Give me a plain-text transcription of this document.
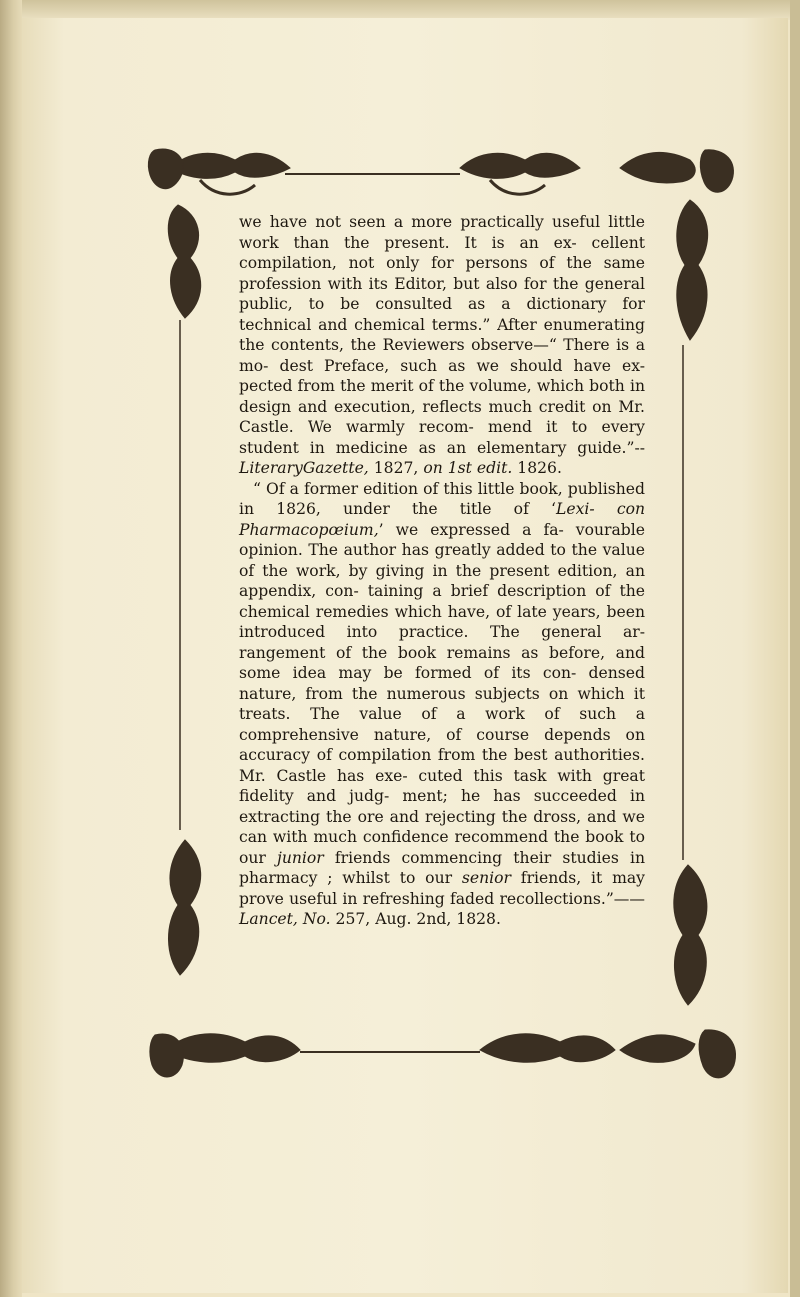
we have not seen a more practically useful little work than the present. It is an ex- cellent compilation, not only for persons of the same profession with its Editor, but also for the general public, to be consulted as a dictionary for technical and chemical terms.” After enumerating the contents, the Reviewers observe—“ There is a mo- dest Preface, such as we should have ex- pected from the merit of the volume, which both in design and execution, reflects much credit on Mr. Castle. We warmly recom- mend it to every student in medicine as an elementary guide.”--LiteraryGazette, 1827, on 1st edit. 1826.

“ Of a former edition of this little book, published in 1826, under the title of ‘Lexi- con Pharmacopœium,’ we expressed a fa- vourable opinion. The author has greatly added to the value of the work, by giving in the present edition, an appendix, con- taining a brief description of the chemical remedies which have, of late years, been introduced into practice. The general ar- rangement of the book remains as before, and some idea may be formed of its con- densed nature, from the numerous subjects on which it treats. The value of a work of such a comprehensive nature, of course depends on accuracy of compilation from the best authorities. Mr. Castle has exe- cuted this task with great fidelity and judg- ment; he has succeeded in extracting the ore and rejecting the dross, and we can with much confidence recommend the book to our junior friends commencing their studies in pharmacy ; whilst to our senior friends, it may prove useful in refreshing faded recollections.”——Lancet, No. 257, Aug. 2nd, 1828.
